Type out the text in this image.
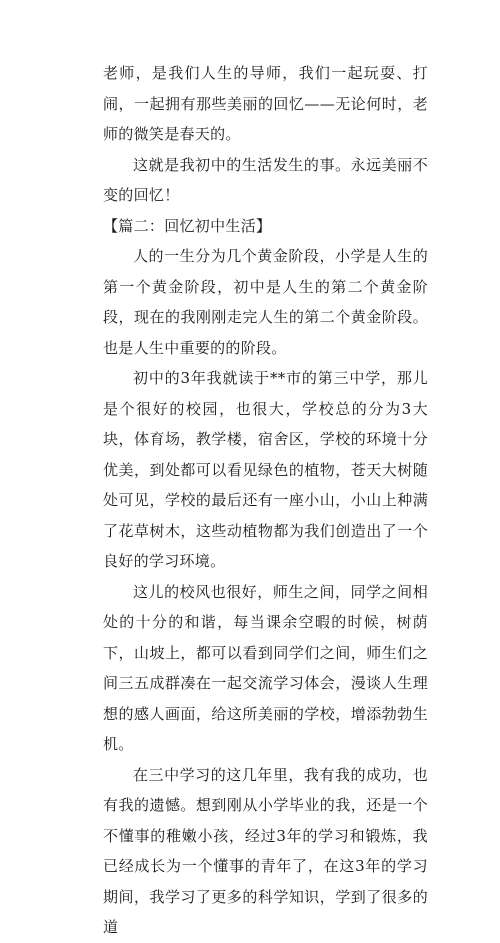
老师，是我们人生的导师，我们一起玩耍、打闹，一起拥有那些美丽的回忆——无论何时，老师的微笑是春天的。

这就是我初中的生活发生的事。永远美丽不变的回忆！

【篇二：回忆初中生活】

人的一生分为几个黄金阶段，小学是人生的第一个黄金阶段，初中是人生的第二个黄金阶段，现在的我刚刚走完人生的第二个黄金阶段。也是人生中重要的的阶段。

初中的3年我就读于**市的第三中学，那儿是个很好的校园，也很大，学校总的分为3大块，体育场，教学楼，宿舍区，学校的环境十分优美，到处都可以看见绿色的植物，苍天大树随处可见，学校的最后还有一座小山，小山上种满了花草树木，这些动植物都为我们创造出了一个良好的学习环境。

这儿的校风也很好，师生之间，同学之间相处的十分的和谐，每当课余空暇的时候，树荫下，山坡上，都可以看到同学们之间，师生们之间三五成群凑在一起交流学习体会，漫谈人生理想的感人画面，给这所美丽的学校，增添勃勃生机。

在三中学习的这几年里，我有我的成功，也有我的遗憾。想到刚从小学毕业的我，还是一个不懂事的稚嫩小孩，经过3年的学习和锻炼，我已经成长为一个懂事的青年了，在这3年的学习期间，我学习了更多的科学知识，学到了很多的道
